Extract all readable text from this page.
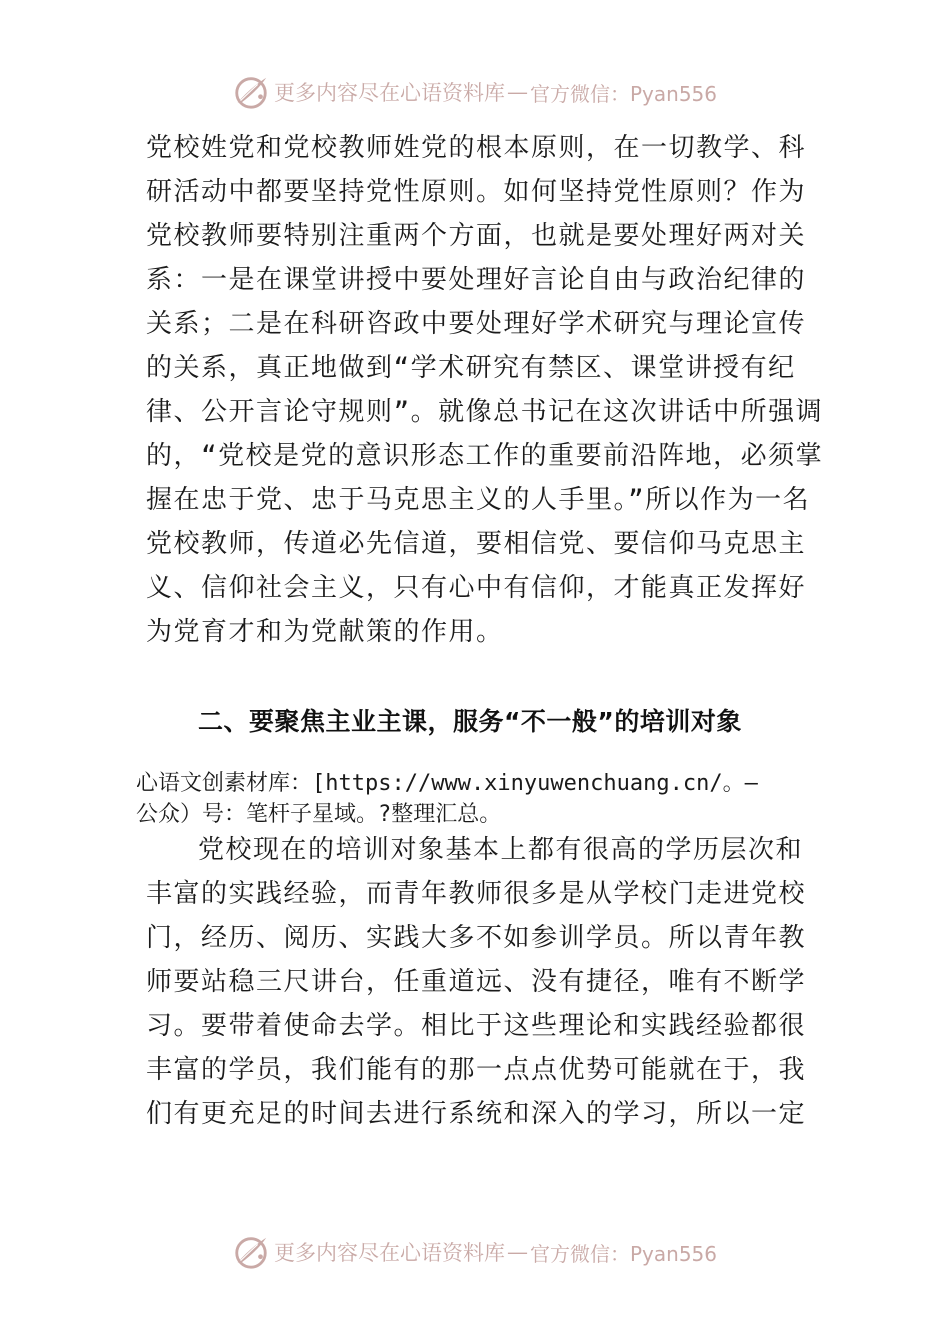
更多内容尽在心语资料库 — 官方微信：Pyan556
党校姓党和党校教师姓党的根本原则，在一切教学、科
研活动中都要坚持党性原则。如何坚持党性原则？作为
党校教师要特别注重两个方面，也就是要处理好两对关
系：一是在课堂讲授中要处理好言论自由与政治纪律的
关系；二是在科研咨政中要处理好学术研究与理论宣传
的关系，真正地做到“学术研究有禁区、课堂讲授有纪
律、公开言论守规则”。就像总书记在这次讲话中所强调
的，“党校是党的意识形态工作的重要前沿阵地，必须掌
握在忠于党、忠于马克思主义的人手里。”所以作为一名
党校教师，传道必先信道，要相信党、要信仰马克思主
义、信仰社会主义，只有心中有信仰，才能真正发挥好
为党育才和为党献策的作用。
二、要聚焦主业主课，服务“不一般”的培训对象
心语文创素材库：[https://www.xinyuwenchuang.cn/。—
公众）号：笔杆子星域。?整理汇总。
党校现在的培训对象基本上都有很高的学历层次和
丰富的实践经验，而青年教师很多是从学校门走进党校
门，经历、阅历、实践大多不如参训学员。所以青年教
师要站稳三尺讲台，任重道远、没有捷径，唯有不断学
习。要带着使命去学。相比于这些理论和实践经验都很
丰富的学员，我们能有的那一点点优势可能就在于，我
们有更充足的时间去进行系统和深入的学习，所以一定
更多内容尽在心语资料库 — 官方微信：Pyan556
